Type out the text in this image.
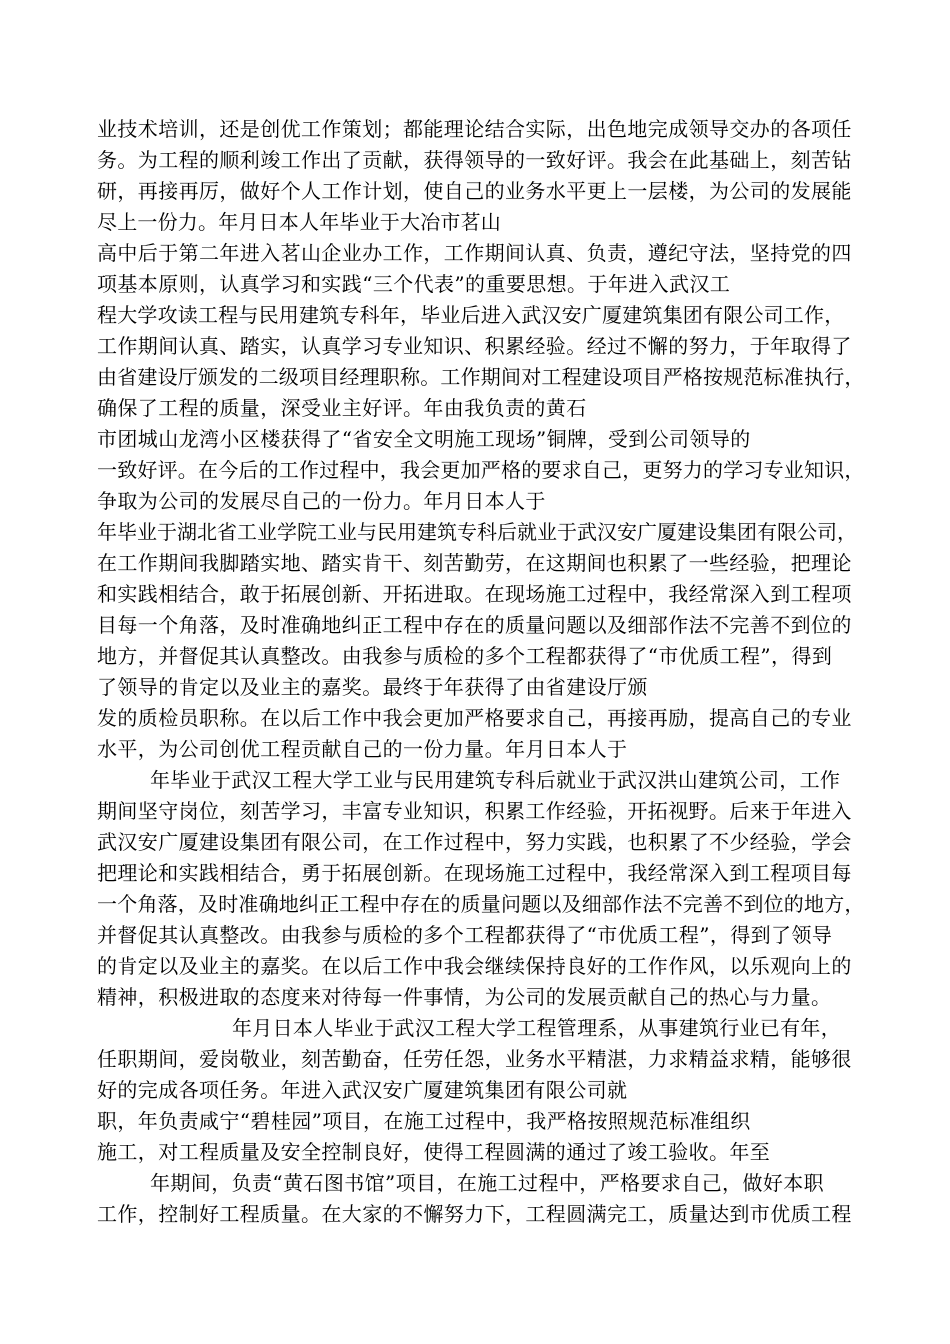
业技术培训，还是创优工作策划；都能理论结合实际，出色地完成领导交办的各项任

务。为工程的顺利竣工作出了贡献，获得领导的一致好评。我会在此基础上，刻苦钻

研，再接再厉，做好个人工作计划，使自己的业务水平更上一层楼，为公司的发展能

尽上一份力。年月日本人年毕业于大冶市茗山

高中后于第二年进入茗山企业办工作，工作期间认真、负责，遵纪守法，坚持党的四

项基本原则，认真学习和实践“三个代表”的重要思想。于年进入武汉工

程大学攻读工程与民用建筑专科年，毕业后进入武汉安广厦建筑集团有限公司工作，

工作期间认真、踏实，认真学习专业知识、积累经验。经过不懈的努力，于年取得了

由省建设厅颁发的二级项目经理职称。工作期间对工程建设项目严格按规范标准执行，

确保了工程的质量，深受业主好评。年由我负责的黄石

市团城山龙湾小区楼获得了“省安全文明施工现场”铜牌，受到公司领导的

一致好评。在今后的工作过程中，我会更加严格的要求自己，更努力的学习专业知识，

争取为公司的发展尽自己的一份力。年月日本人于

年毕业于湖北省工业学院工业与民用建筑专科后就业于武汉安广厦建设集团有限公司，

在工作期间我脚踏实地、踏实肯干、刻苦勤劳，在这期间也积累了一些经验，把理论

和实践相结合，敢于拓展创新、开拓进取。在现场施工过程中，我经常深入到工程项

目每一个角落，及时准确地纠正工程中存在的质量问题以及细部作法不完善不到位的

地方，并督促其认真整改。由我参与质检的多个工程都获得了“市优质工程”，得到

了领导的肯定以及业主的嘉奖。最终于年获得了由省建设厅颁

发的质检员职称。在以后工作中我会更加严格要求自己，再接再励，提高自己的专业

水平，为公司创优工程贡献自己的一份力量。年月日本人于

年毕业于武汉工程大学工业与民用建筑专科后就业于武汉洪山建筑公司，工作

期间坚守岗位，刻苦学习，丰富专业知识，积累工作经验，开拓视野。后来于年进入

武汉安广厦建设集团有限公司，在工作过程中，努力实践，也积累了不少经验，学会

把理论和实践相结合，勇于拓展创新。在现场施工过程中，我经常深入到工程项目每

一个角落，及时准确地纠正工程中存在的质量问题以及细部作法不完善不到位的地方，

并督促其认真整改。由我参与质检的多个工程都获得了“市优质工程”，得到了领导

的肯定以及业主的嘉奖。在以后工作中我会继续保持良好的工作作风，以乐观向上的

精神，积极进取的态度来对待每一件事情，为公司的发展贡献自己的热心与力量。

年月日本人毕业于武汉工程大学工程管理系，从事建筑行业已有年，

任职期间，爱岗敬业，刻苦勤奋，任劳任怨，业务水平精湛，力求精益求精，能够很

好的完成各项任务。年进入武汉安广厦建筑集团有限公司就

职，年负责咸宁“碧桂园”项目，在施工过程中，我严格按照规范标准组织

施工，对工程质量及安全控制良好，使得工程圆满的通过了竣工验收。年至

年期间，负责“黄石图书馆”项目，在施工过程中，严格要求自己，做好本职

工作，控制好工程质量。在大家的不懈努力下，工程圆满完工，质量达到市优质工程
